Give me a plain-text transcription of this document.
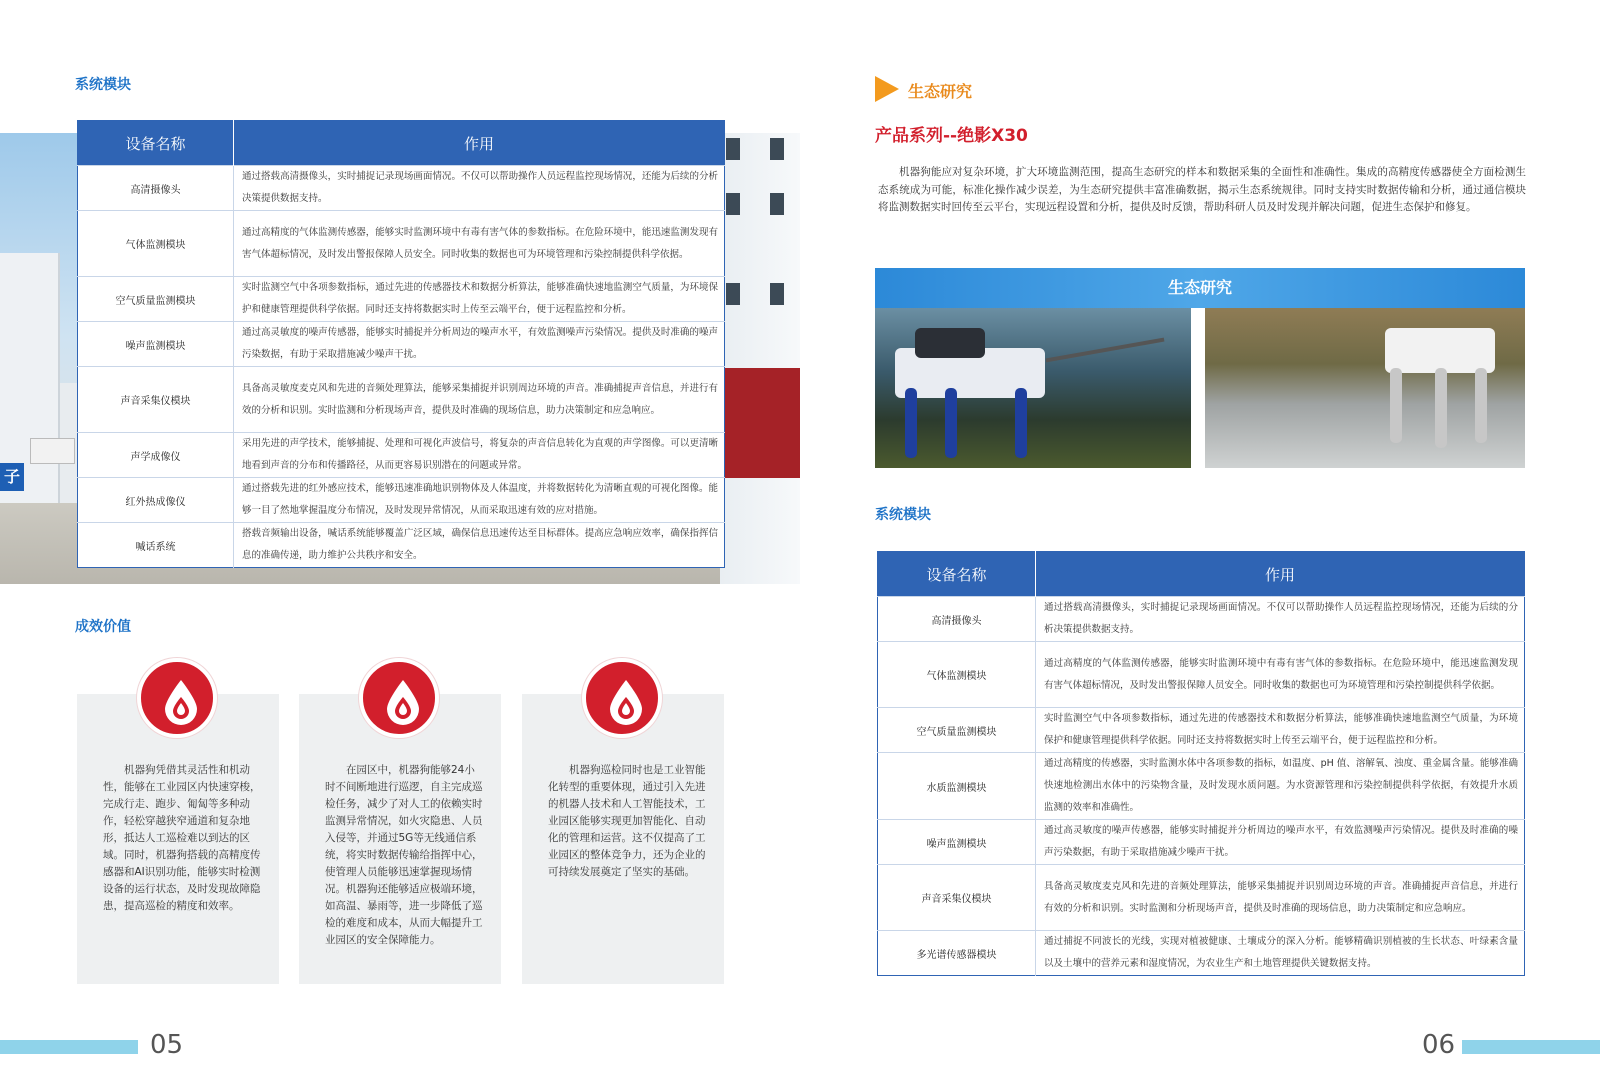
系统模块
子
设备名称	作用
高清摄像头	通过搭载高清摄像头，实时捕捉记录现场画面情况。不仅可以帮助操作人员远程监控现场情况，还能为后续的分析决策提供数据支持。
气体监测模块	通过高精度的气体监测传感器，能够实时监测环境中有毒有害气体的参数指标。在危险环境中，能迅速监测发现有害气体超标情况，及时发出警报保障人员安全。同时收集的数据也可为环境管理和污染控制提供科学依据。
空气质量监测模块	实时监测空气中各项参数指标，通过先进的传感器技术和数据分析算法，能够准确快速地监测空气质量，为环境保护和健康管理提供科学依据。同时还支持将数据实时上传至云端平台，便于远程监控和分析。
噪声监测模块	通过高灵敏度的噪声传感器，能够实时捕捉并分析周边的噪声水平，有效监测噪声污染情况。提供及时准确的噪声污染数据，有助于采取措施减少噪声干扰。
声音采集仪模块	具备高灵敏度麦克风和先进的音频处理算法，能够采集捕捉并识别周边环境的声音。准确捕捉声音信息，并进行有效的分析和识别。实时监测和分析现场声音，提供及时准确的现场信息，助力决策制定和应急响应。
声学成像仪	采用先进的声学技术，能够捕捉、处理和可视化声波信号，将复杂的声音信息转化为直观的声学图像。可以更清晰地看到声音的分布和传播路径，从而更容易识别潜在的问题或异常。
红外热成像仪	通过搭载先进的红外感应技术，能够迅速准确地识别物体及人体温度，并将数据转化为清晰直观的可视化图像。能够一目了然地掌握温度分布情况，及时发现异常情况，从而采取迅速有效的应对措施。
喊话系统	搭载音频输出设备，喊话系统能够覆盖广泛区域，确保信息迅速传达至目标群体。提高应急响应效率，确保指挥信息的准确传递，助力维护公共秩序和安全。
成效价值
机器狗凭借其灵活性和机动性，能够在工业园区内快速穿梭，完成行走、跑步、匍匐等多种动作，轻松穿越狭窄通道和复杂地形，抵达人工巡检难以到达的区域。同时，机器狗搭载的高精度传感器和AI识别功能，能够实时检测设备的运行状态，及时发现故障隐患，提高巡检的精度和效率。
在园区中，机器狗能够24小时不间断地进行巡逻，自主完成巡检任务，减少了对人工的依赖实时监测异常情况，如火灾隐患、人员入侵等，并通过5G等无线通信系统，将实时数据传输给指挥中心，使管理人员能够迅速掌握现场情况。机器狗还能够适应极端环境，如高温、暴雨等，进一步降低了巡检的难度和成本，从而大幅提升工业园区的安全保障能力。
机器狗巡检同时也是工业智能化转型的重要体现，通过引入先进的机器人技术和人工智能技术，工业园区能够实现更加智能化、自动化的管理和运营。这不仅提高了工业园区的整体竞争力，还为企业的可持续发展奠定了坚实的基础。
05
生态研究
产品系列--绝影X30
机器狗能应对复杂环境，扩大环境监测范围，提高生态研究的样本和数据采集的全面性和准确性。集成的高精度传感器使全方面检测生态系统成为可能，标准化操作减少误差，为生态研究提供丰富准确数据，揭示生态系统规律。同时支持实时数据传输和分析，通过通信模块将监测数据实时回传至云平台，实现远程设置和分析，提供及时反馈，帮助科研人员及时发现并解决问题，促进生态保护和修复。
生态研究
系统模块
设备名称	作用
高清摄像头	通过搭载高清摄像头，实时捕捉记录现场画面情况。不仅可以帮助操作人员远程监控现场情况，还能为后续的分析决策提供数据支持。
气体监测模块	通过高精度的气体监测传感器，能够实时监测环境中有毒有害气体的参数指标。在危险环境中，能迅速监测发现有害气体超标情况，及时发出警报保障人员安全。同时收集的数据也可为环境管理和污染控制提供科学依据。
空气质量监测模块	实时监测空气中各项参数指标，通过先进的传感器技术和数据分析算法，能够准确快速地监测空气质量，为环境保护和健康管理提供科学依据。同时还支持将数据实时上传至云端平台，便于远程监控和分析。
水质监测模块	通过高精度的传感器，实时监测水体中各项参数的指标，如温度、pH 值、溶解氧、浊度、重金属含量。能够准确快速地检测出水体中的污染物含量，及时发现水质问题。为水资源管理和污染控制提供科学依据，有效提升水质监测的效率和准确性。
噪声监测模块	通过高灵敏度的噪声传感器，能够实时捕捉并分析周边的噪声水平，有效监测噪声污染情况。提供及时准确的噪声污染数据，有助于采取措施减少噪声干扰。
声音采集仪模块	具备高灵敏度麦克风和先进的音频处理算法，能够采集捕捉并识别周边环境的声音。准确捕捉声音信息，并进行有效的分析和识别。实时监测和分析现场声音，提供及时准确的现场信息，助力决策制定和应急响应。
多光谱传感器模块	通过捕捉不同波长的光线，实现对植被健康、土壤成分的深入分析。能够精确识别植被的生长状态、叶绿素含量以及土壤中的营养元素和湿度情况，为农业生产和土地管理提供关键数据支持。
06
